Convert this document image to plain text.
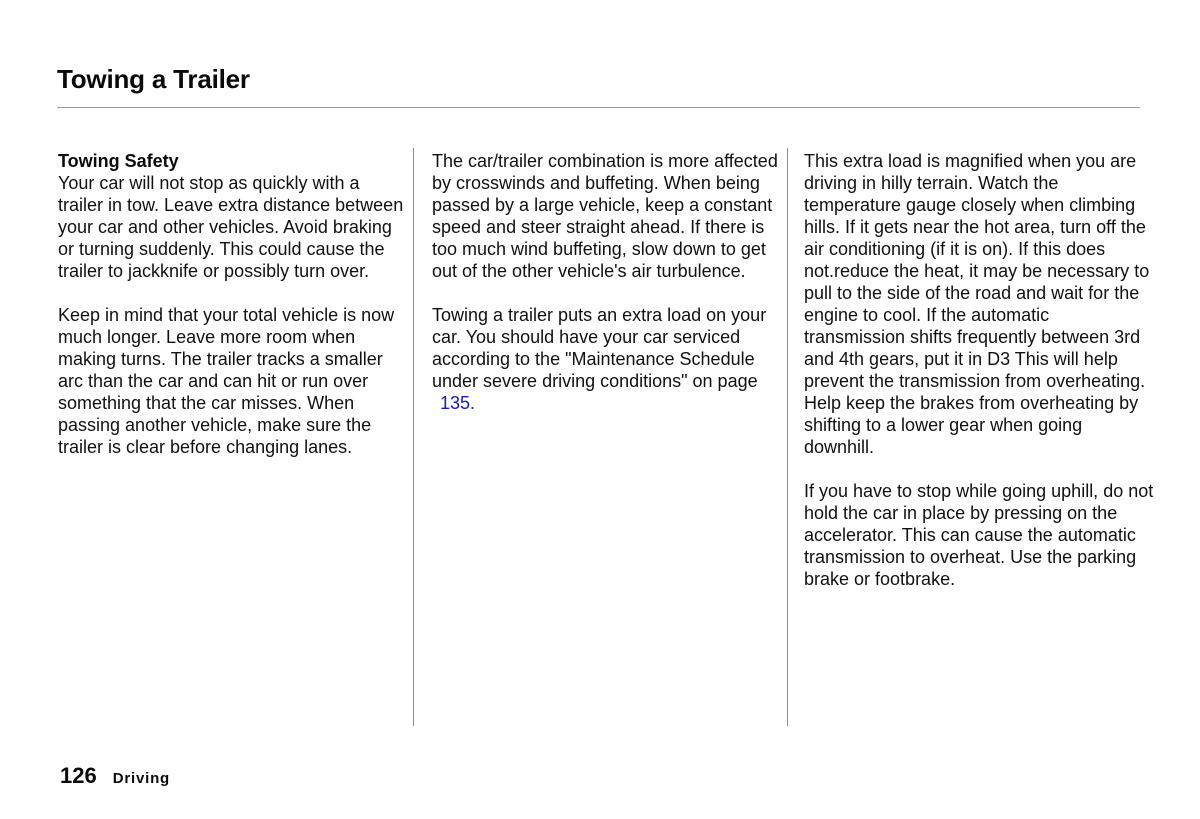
Towing a Trailer
Towing Safety

Your car will not stop as quickly with a trailer in tow. Leave extra distance between your car and other vehicles. Avoid braking or turning suddenly. This could cause the trailer to jackknife or possibly turn over.

Keep in mind that your total vehicle is now much longer. Leave more room when making turns. The trailer tracks a smaller arc than the car and can hit or run over something that the car misses. When passing another vehicle, make sure the trailer is clear before changing lanes.

The car/trailer combination is more affected by crosswinds and buffeting. When being passed by a large vehicle, keep a constant speed and steer straight ahead. If there is too much wind buffeting, slow down to get out of the other vehicle's air turbulence.

Towing a trailer puts an extra load on your car. You should have your car serviced according to the "Maintenance Schedule under severe driving conditions" on page
135.

This extra load is magnified when you are driving in hilly terrain. Watch the temperature gauge closely when climbing hills. If it gets near the hot area, turn off the air conditioning (if it is on). If this does not.reduce the heat, it may be necessary to pull to the side of the road and wait for the engine to cool. If the automatic transmission shifts frequently between 3rd and 4th gears, put it in D3 This will help prevent the transmission from overheating. Help keep the brakes from overheating by shifting to a lower gear when going downhill.

If you have to stop while going uphill, do not hold the car in place by pressing on the accelerator. This can cause the automatic transmission to overheat. Use the parking brake or footbrake.

126 Driving
